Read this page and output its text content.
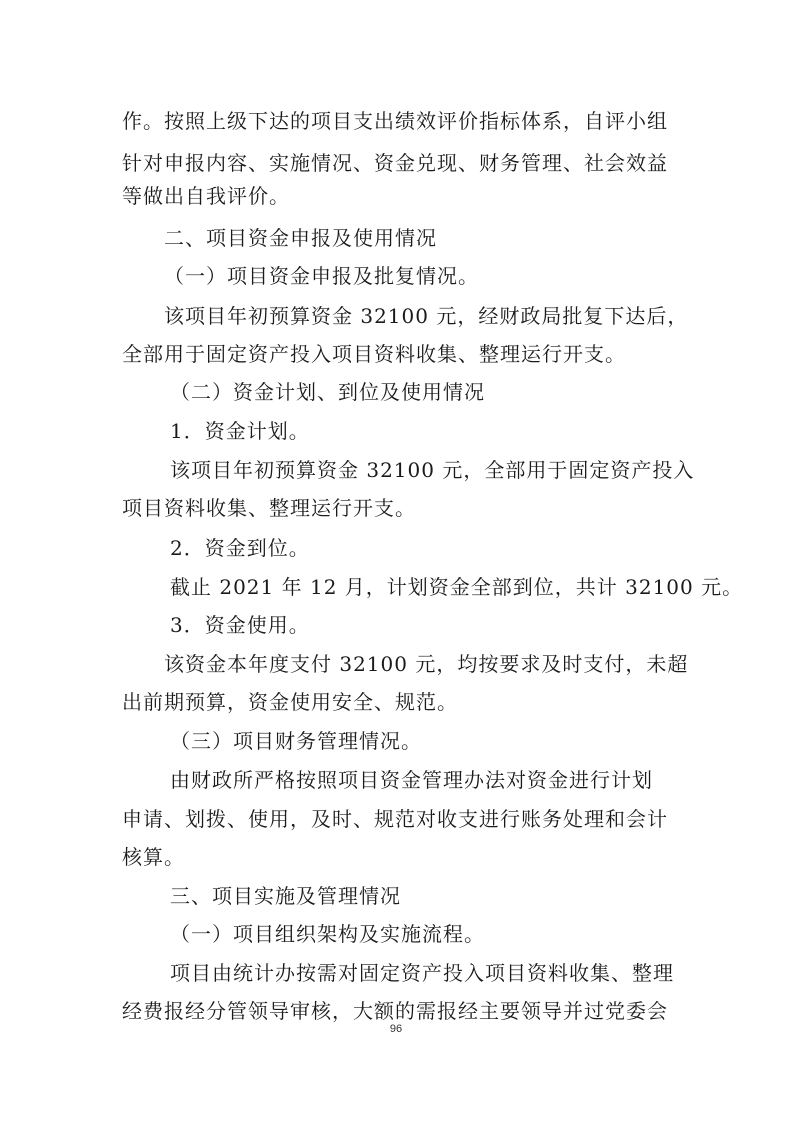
作。按照上级下达的项目支出绩效评价指标体系，自评小组
针对申报内容、实施情况、资金兑现、财务管理、社会效益
等做出自我评价。
二、项目资金申报及使用情况
（一）项目资金申报及批复情况。
该项目年初预算资金 32100 元，经财政局批复下达后，
全部用于固定资产投入项目资料收集、整理运行开支。
（二）资金计划、到位及使用情况
1．资金计划。
该项目年初预算资金 32100 元，全部用于固定资产投入
项目资料收集、整理运行开支。
2．资金到位。
截止 2021 年 12 月，计划资金全部到位，共计 32100 元。
3．资金使用。
该资金本年度支付 32100 元，均按要求及时支付，未超
出前期预算，资金使用安全、规范。
（三）项目财务管理情况。
由财政所严格按照项目资金管理办法对资金进行计划
申请、划拨、使用，及时、规范对收支进行账务处理和会计
核算。
三、项目实施及管理情况
（一）项目组织架构及实施流程。
项目由统计办按需对固定资产投入项目资料收集、整理
经费报经分管领导审核，大额的需报经主要领导并过党委会
96
